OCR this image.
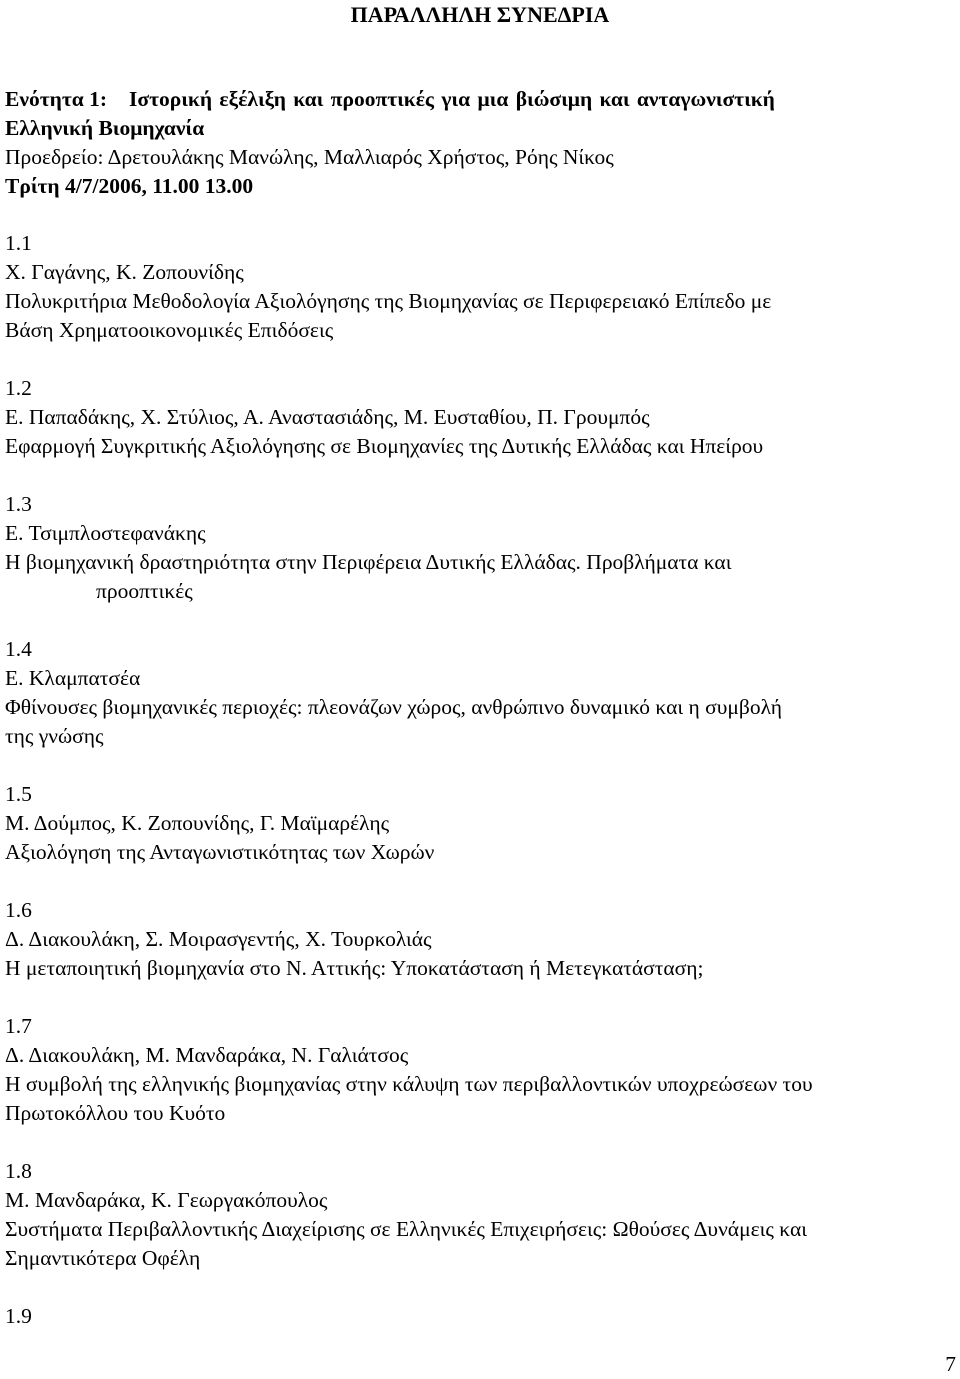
ΠΑΡΑΛΛΗΛΗ ΣΥΝΕΔΡΙΑ
Ενότητα 1: Ιστορική εξέλιξη και προοπτικές για μια βιώσιμη και ανταγωνιστική
Ελληνική Βιομηχανία
Προεδρείο: Δρετουλάκης Μανώλης, Μαλλιαρός Χρήστος, Ρόης Νίκος
Τρίτη 4/7/2006, 11.00 13.00
1.1
Χ. Γαγάνης, Κ. Ζοπουνίδης
Πολυκριτήρια Μεθοδολογία Αξιολόγησης της Βιομηχανίας σε Περιφερειακό Επίπεδο με
Βάση Χρηματοοικονομικές Επιδόσεις
1.2
Ε. Παπαδάκης, Χ. Στύλιος, Α. Αναστασιάδης, Μ. Ευσταθίου, Π. Γρουμπός
Εφαρμογή Συγκριτικής Αξιολόγησης σε Βιομηχανίες της Δυτικής Ελλάδας και Ηπείρου
1.3
Ε. Τσιμπλοστεφανάκης
Η βιομηχανική δραστηριότητα στην Περιφέρεια Δυτικής Ελλάδας. Προβλήματα και
προοπτικές
1.4
Ε. Κλαμπατσέα
Φθίνουσες βιομηχανικές περιοχές: πλεονάζων χώρος, ανθρώπινο δυναμικό και η συμβολή
της γνώσης
1.5
Μ. Δούμπος, Κ. Ζοπουνίδης, Γ. Μαϊμαρέλης
Αξιολόγηση της Ανταγωνιστικότητας των Χωρών
1.6
Δ. Διακουλάκη, Σ. Μοιρασγεντής, Χ. Τουρκολιάς
Η μεταποιητική βιομηχανία στο Ν. Αττικής: Υποκατάσταση ή Μετεγκατάσταση;
1.7
Δ. Διακουλάκη, Μ. Μανδαράκα, Ν. Γαλιάτσος
Η συμβολή της ελληνικής βιομηχανίας στην κάλυψη των περιβαλλοντικών υποχρεώσεων του
Πρωτοκόλλου του Κυότο
1.8
Μ. Μανδαράκα, Κ. Γεωργακόπουλος
Συστήματα Περιβαλλοντικής Διαχείρισης σε Ελληνικές Επιχειρήσεις: Ωθούσες Δυνάμεις και
Σημαντικότερα Οφέλη
1.9
7
